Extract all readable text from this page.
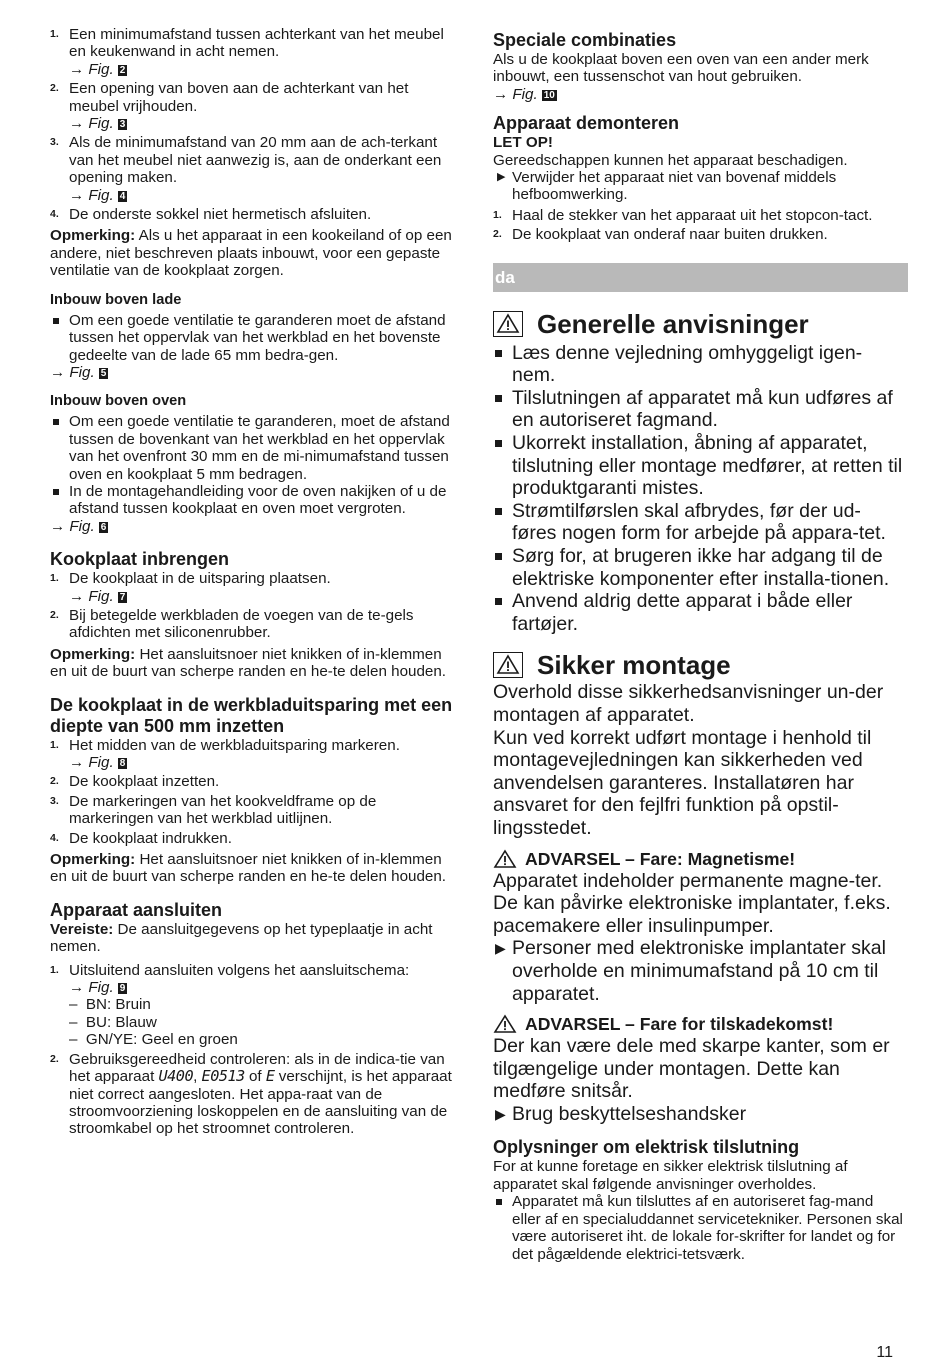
1. Een minimumafstand tussen achterkant van het meubel en keukenwand in acht nemen.
→ Fig. 2
2. Een opening van boven aan de achterkant van het meubel vrijhouden.
→ Fig. 3
3. Als de minimumafstand van 20 mm aan de ach-terkant van het meubel niet aanwezig is, aan de onderkant een opening maken.
→ Fig. 4
4. De onderste sokkel niet hermetisch afsluiten.

Opmerking: Als u het apparaat in een kookeiland of op een andere, niet beschreven plaats inbouwt, voor een gepaste ventilatie van de kookplaat zorgen.

Inbouw boven lade
Om een goede ventilatie te garanderen moet de afstand tussen het oppervlak van het werkblad en het bovenste gedeelte van de lade 65 mm bedra-gen.

→ Fig. 5

Inbouw boven oven
Om een goede ventilatie te garanderen, moet de afstand tussen de bovenkant van het werkblad en het oppervlak van het ovenfront 30 mm en de mi-nimumafstand tussen oven en kookplaat 5 mm bedragen.
In de montagehandleiding voor de oven nakijken of u de afstand tussen kookplaat en oven moet vergroten.

→ Fig. 6

Kookplaat inbrengen
1. De kookplaat in de uitsparing plaatsen.
→ Fig. 7
2. Bij betegelde werkbladen de voegen van de te-gels afdichten met siliconenrubber.

Opmerking: Het aansluitsnoer niet knikken of in-klemmen en uit de buurt van scherpe randen en he-te delen houden.

De kookplaat in de werkbladuitsparing met een diepte van 500 mm inzetten
1. Het midden van de werkbladuitsparing markeren.
→ Fig. 8
2. De kookplaat inzetten.
3. De markeringen van het kookveldframe op de markeringen van het werkblad uitlijnen.
4. De kookplaat indrukken.

Opmerking: Het aansluitsnoer niet knikken of in-klemmen en uit de buurt van scherpe randen en he-te delen houden.

Apparaat aansluiten

Vereiste: De aansluitgegevens op het typeplaatje in acht nemen.

1. Uitsluitend aansluiten volgens het aansluitschema:
→ Fig. 9
–  BN: Bruin
–  BU: Blauw
–  GN/YE: Geel en groen
2. Gebruiksgereedheid controleren: als in de indica-tie van het apparaat U400, E0513 of E verschijnt, is het apparaat niet correct aangesloten. Het appa-raat van de stroomvoorziening loskoppelen en de aansluiting van de stroomkabel op het stroomnet controleren.
Speciale combinaties

Als u de kookplaat boven een oven van een ander merk inbouwt, een tussenschot van hout gebruiken.

→ Fig. 10

Apparaat demonteren

LET OP!

Gereedschappen kunnen het apparaat beschadigen.

▶ Verwijder het apparaat niet van bovenaf middels hefboomwerking.
1. Haal de stekker van het apparaat uit het stopcon-tact.
2. De kookplaat van onderaf naar buiten drukken.
da
Generelle anvisninger
Læs denne vejledning omhyggeligt igen-nem.
Tilslutningen af apparatet må kun udføres af en autoriseret fagmand.
Ukorrekt installation, åbning af apparatet, tilslutning eller montage medfører, at retten til produktgaranti mistes.
Strømtilførslen skal afbrydes, før der ud-føres nogen form for arbejde på appara-tet.
Sørg for, at brugeren ikke har adgang til de elektriske komponenter efter installa-tionen.
Anvend aldrig dette apparat i både eller fartøjer.
Sikker montage

Overhold disse sikkerhedsanvisninger un-der montagen af apparatet.

Kun ved korrekt udført montage i henhold til montagevejledningen kan sikkerheden ved anvendelsen garanteres. Installatøren har ansvaret for den fejlfri funktion på opstil-lingsstedet.

ADVARSEL – Fare: Magnetisme!

Apparatet indeholder permanente magne-ter. De kan påvirke elektroniske implantater, f.eks. pacemakere eller insulinpumper.

▶ Personer med elektroniske implantater skal overholde en minimumafstand på 10 cm til apparatet.
ADVARSEL – Fare for tilskadekomst!

Der kan være dele med skarpe kanter, som er tilgængelige under montagen. Dette kan medføre snitsår.

▶ Brug beskyttelseshandsker
Oplysninger om elektrisk tilslutning

For at kunne foretage en sikker elektrisk tilslutning af apparatet skal følgende anvisninger overholdes.

Apparatet må kun tilsluttes af en autoriseret fag-mand eller af en specialuddannet servicetekniker. Personen skal være autoriseret iht. de lokale for-skrifter for landet og for det pågældende elektrici-tetsværk.
11
